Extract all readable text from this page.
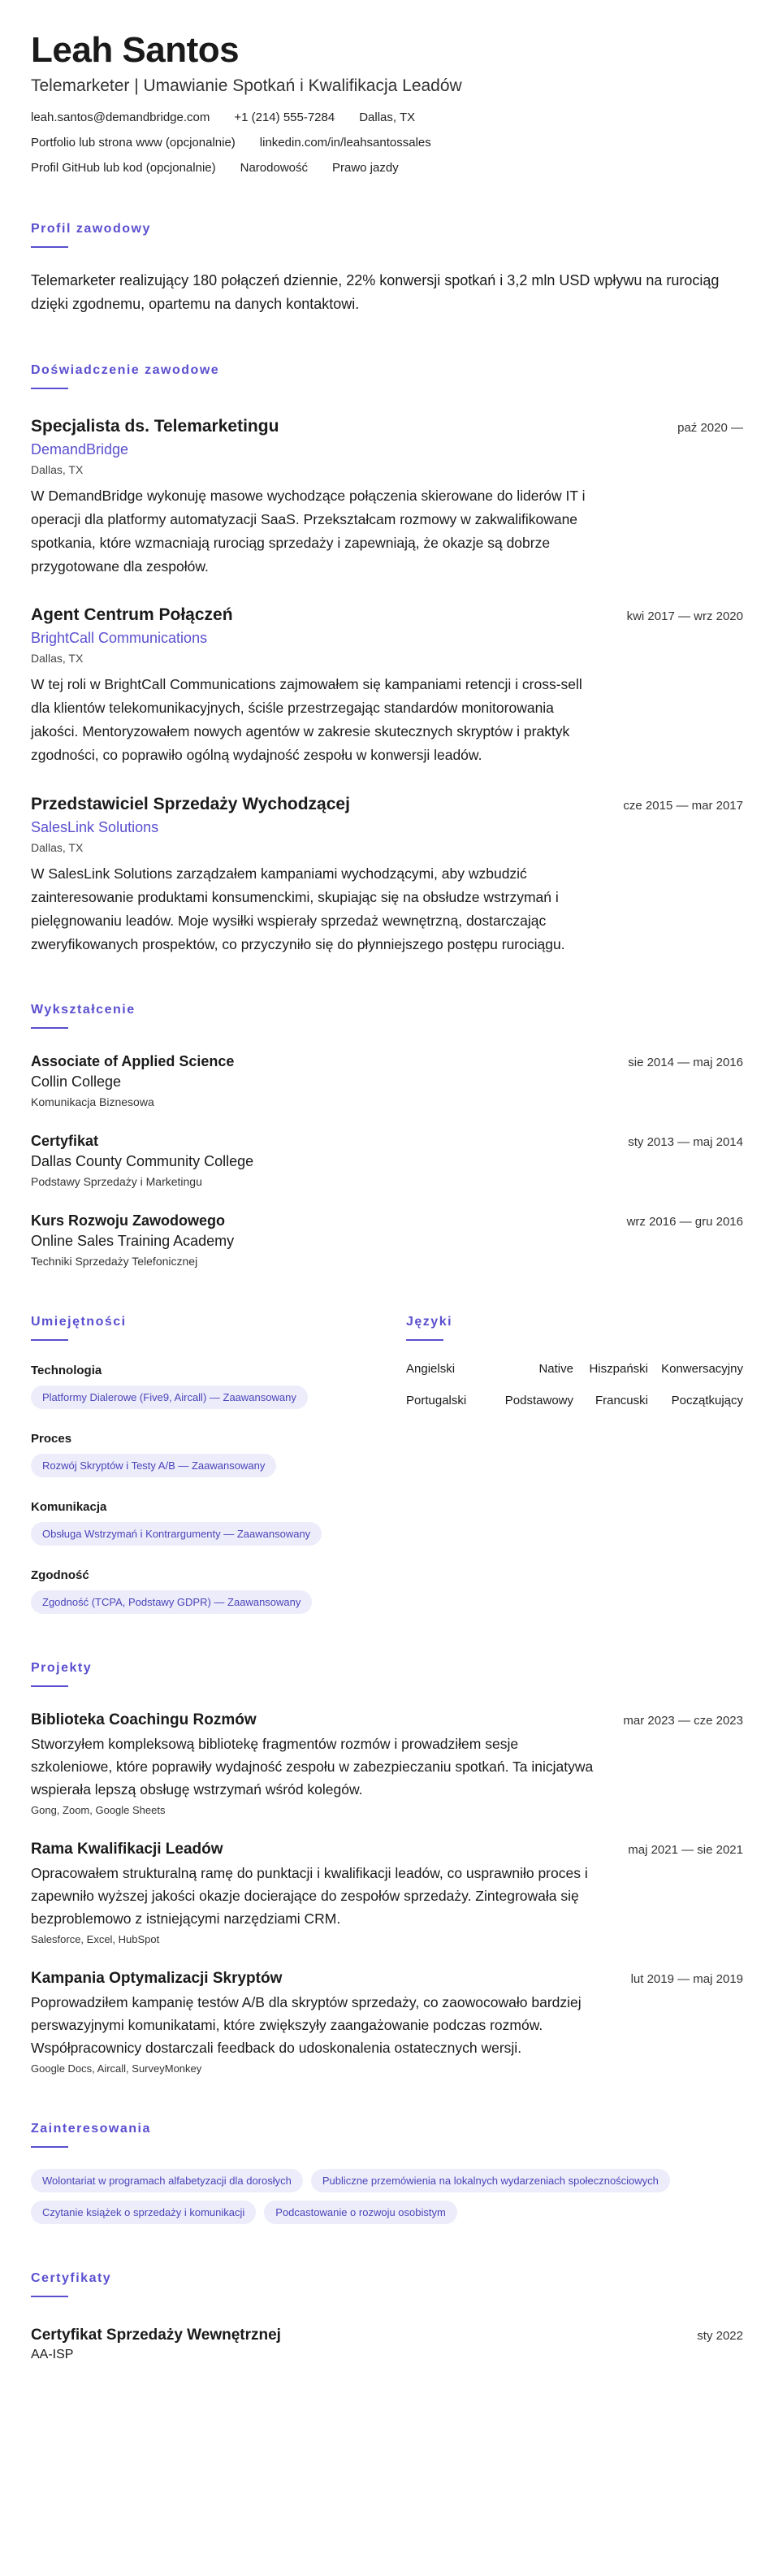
Leah Santos
Telemarketer | Umawianie Spotkań i Kwalifikacja Leadów
leah.santos@demandbridge.com +1 (214) 555-7284 Dallas, TX
Portfolio lub strona www (opcjonalnie) linkedin.com/in/leahsantossales
Profil GitHub lub kod (opcjonalnie) Narodowość Prawo jazdy
Profil zawodowy

Telemarketer realizujący 180 połączeń dziennie, 22% konwersji spotkań i 3,2 mln USD wpływu na rurociąg dzięki zgodnemu, opartemu na danych kontaktowi.

Doświadczenie zawodowe
Specjalista ds. Telemarketingu	paź 2020 —
DemandBridge
Dallas, TX

W DemandBridge wykonuję masowe wychodzące połączenia skierowane do liderów IT i operacji dla platformy automatyzacji SaaS. Przekształcam rozmowy w zakwalifikowane spotkania, które wzmacniają rurociąg sprzedaży i zapewniają, że okazje są dobrze przygotowane dla zespołów.

Agent Centrum Połączeń	kwi 2017 — wrz 2020
BrightCall Communications
Dallas, TX

W tej roli w BrightCall Communications zajmowałem się kampaniami retencji i cross-sell dla klientów telekomunikacyjnych, ściśle przestrzegając standardów monitorowania jakości. Mentoryzowałem nowych agentów w zakresie skutecznych skryptów i praktyk zgodności, co poprawiło ogólną wydajność zespołu w konwersji leadów.

Przedstawiciel Sprzedaży Wychodzącej	cze 2015 — mar 2017
SalesLink Solutions
Dallas, TX

W SalesLink Solutions zarządzałem kampaniami wychodzącymi, aby wzbudzić zainteresowanie produktami konsumenckimi, skupiając się na obsłudze wstrzymań i pielęgnowaniu leadów. Moje wysiłki wspierały sprzedaż wewnętrzną, dostarczając zweryfikowanych prospektów, co przyczyniło się do płynniejszego postępu rurociągu.

Wykształcenie
Associate of Applied Science	sie 2014 — maj 2016
Collin College
Komunikacja Biznesowa
Certyfikat	sty 2013 — maj 2014
Dallas County Community College
Podstawy Sprzedaży i Marketingu
Kurs Rozwoju Zawodowego	wrz 2016 — gru 2016
Online Sales Training Academy
Techniki Sprzedaży Telefonicznej
Umiejętności
Technologia
Platformy Dialerowe (Five9, Aircall) — Zaawansowany
Proces
Rozwój Skryptów i Testy A/B — Zaawansowany
Komunikacja
Obsługa Wstrzymań i Kontrargumenty — Zaawansowany
Zgodność
Zgodność (TCPA, Podstawy GDPR) — Zaawansowany
Języki
Angielski	Native	Hiszpański	Konwersacyjny
Portugalski	Podstawowy	Francuski	Początkujący
Projekty
Biblioteka Coachingu Rozmów	mar 2023 — cze 2023

Stworzyłem kompleksową bibliotekę fragmentów rozmów i prowadziłem sesje szkoleniowe, które poprawiły wydajność zespołu w zabezpieczaniu spotkań. Ta inicjatywa wspierała lepszą obsługę wstrzymań wśród kolegów.

Gong, Zoom, Google Sheets
Rama Kwalifikacji Leadów	maj 2021 — sie 2021

Opracowałem strukturalną ramę do punktacji i kwalifikacji leadów, co usprawniło proces i zapewniło wyższej jakości okazje docierające do zespołów sprzedaży. Zintegrowała się bezproblemowo z istniejącymi narzędziami CRM.

Salesforce, Excel, HubSpot
Kampania Optymalizacji Skryptów	lut 2019 — maj 2019

Poprowadziłem kampanię testów A/B dla skryptów sprzedaży, co zaowocowało bardziej perswazyjnymi komunikatami, które zwiększyły zaangażowanie podczas rozmów. Współpracownicy dostarczali feedback do udoskonalenia ostatecznych wersji.

Google Docs, Aircall, SurveyMonkey
Zainteresowania
Wolontariat w programach alfabetyzacji dla dorosłych	Publiczne przemówienia na lokalnych wydarzeniach społecznościowych
Czytanie książek o sprzedaży i komunikacji	Podcastowanie o rozwoju osobistym
Certyfikaty
Certyfikat Sprzedaży Wewnętrznej	sty 2022
AA-ISP
